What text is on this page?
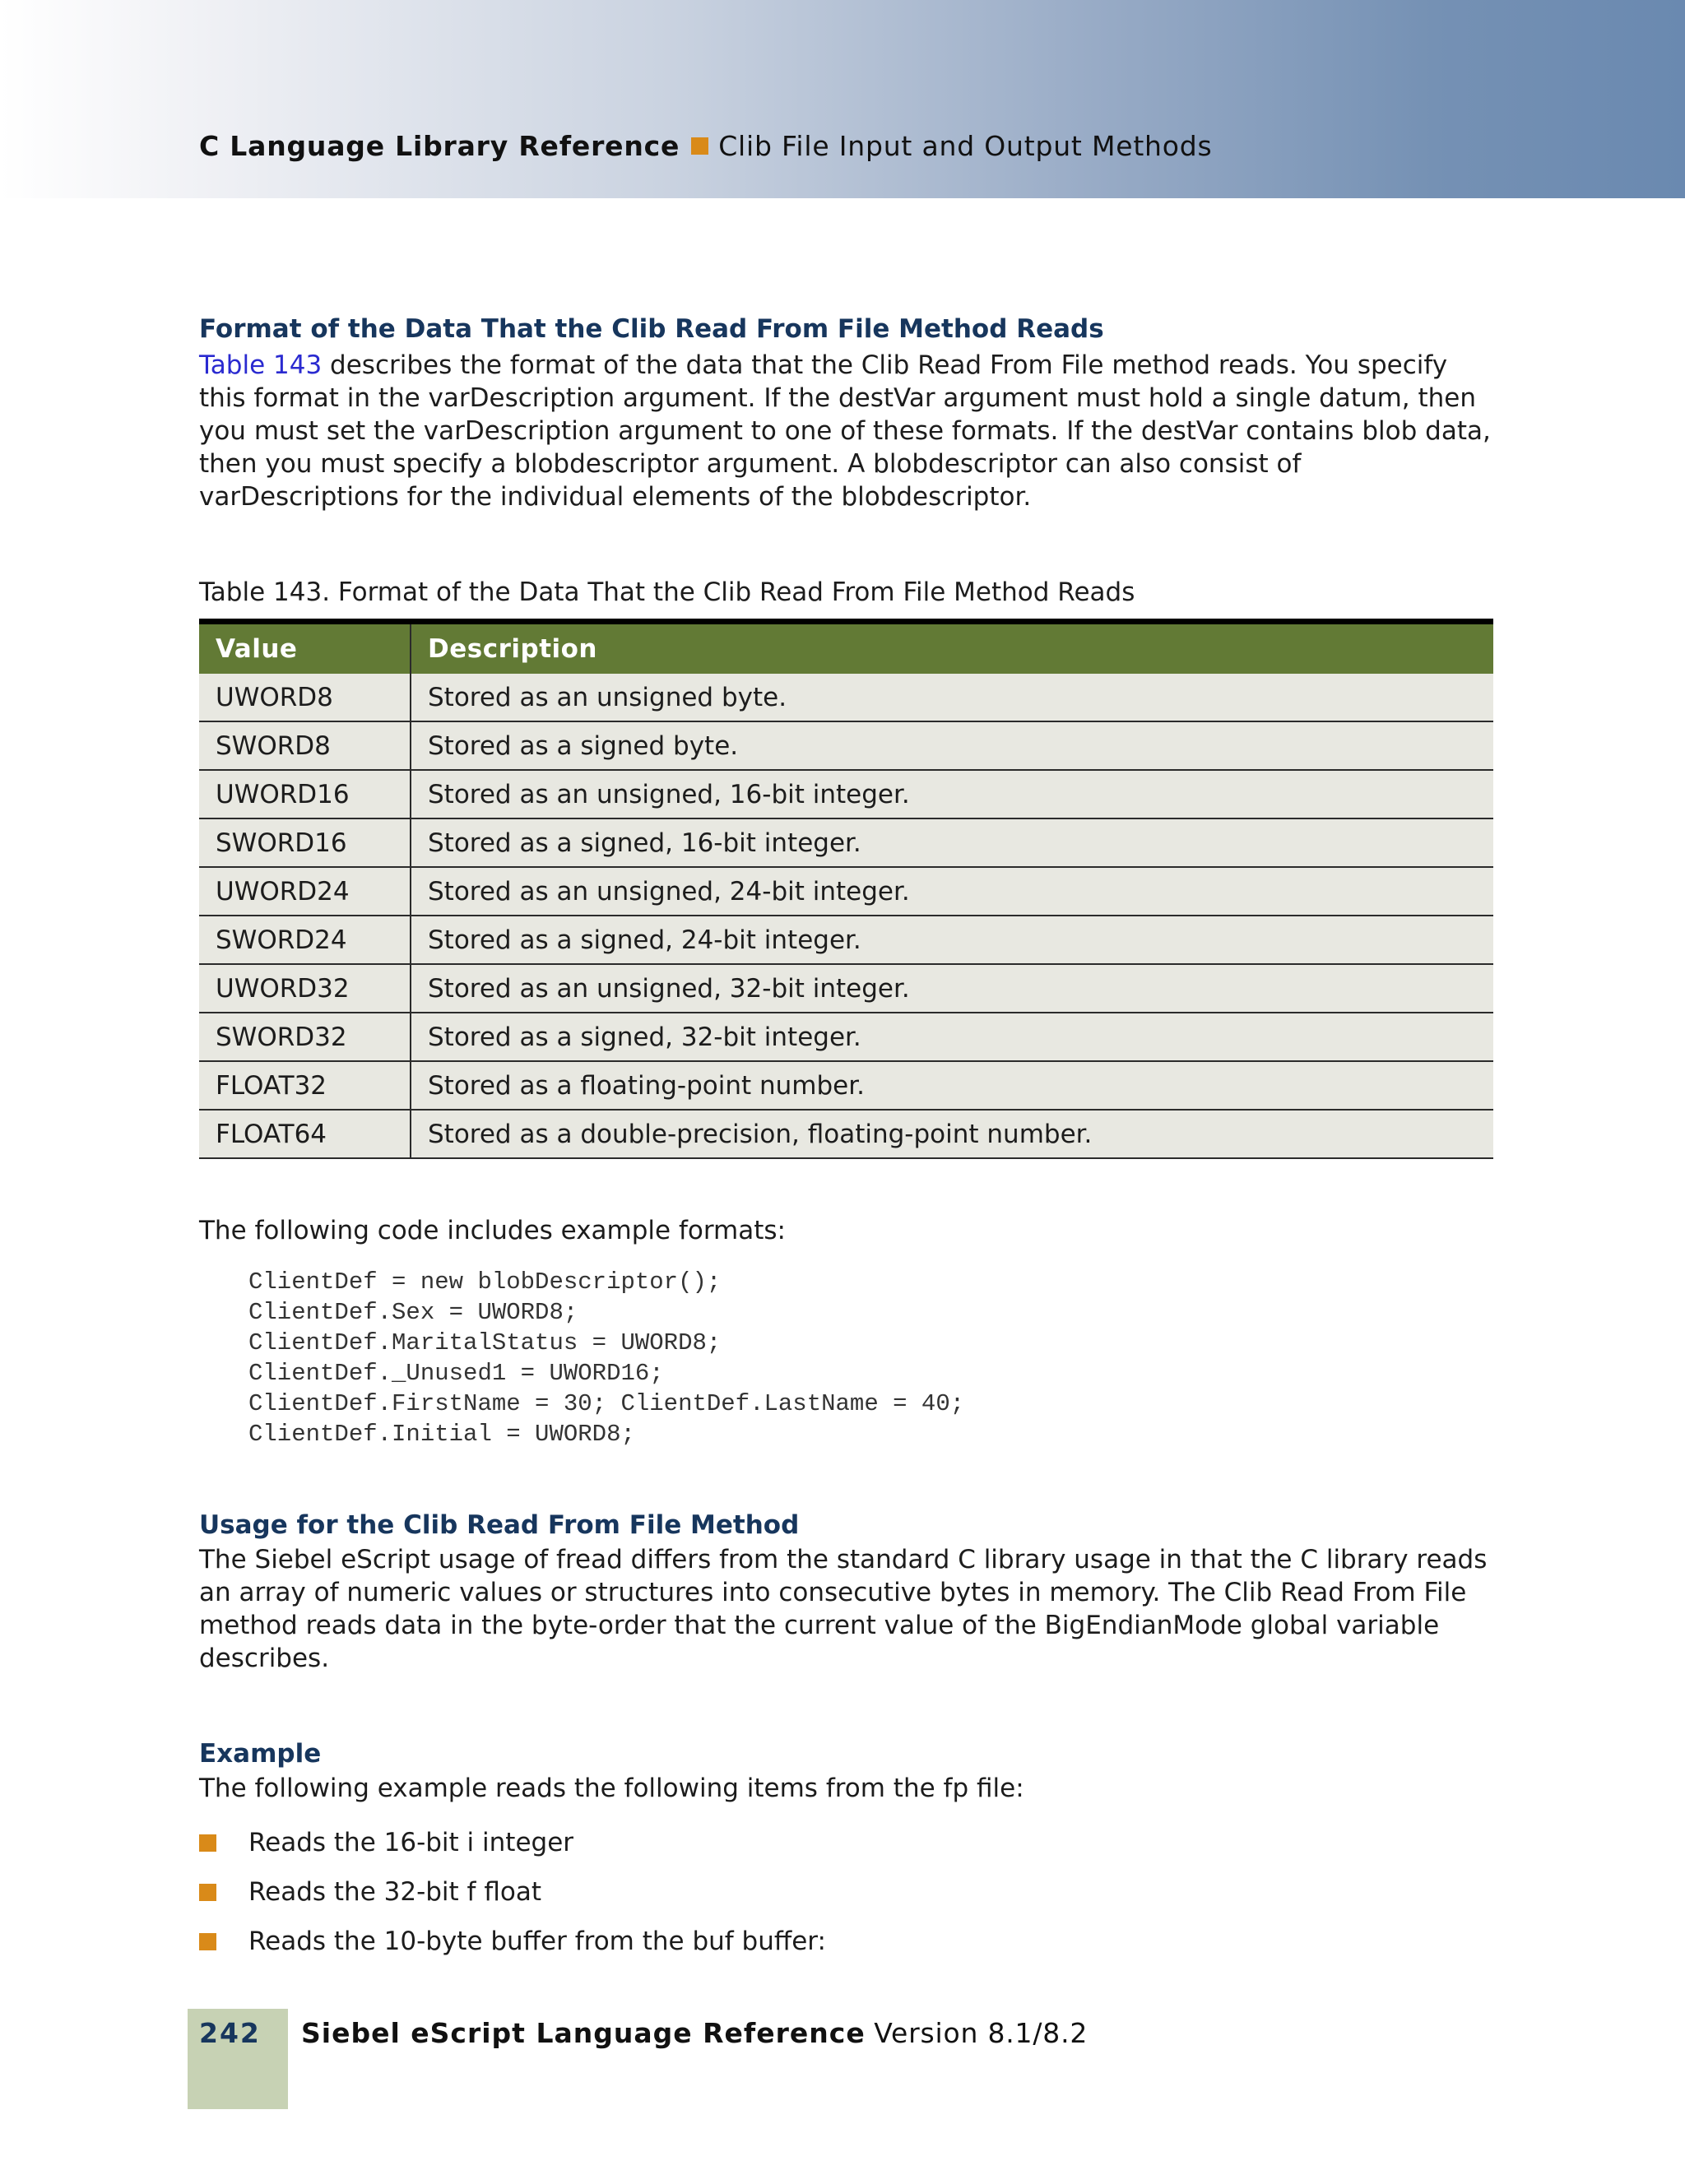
C Language Library Reference Clib File Input and Output Methods
Format of the Data That the Clib Read From File Method Reads
Table 143 describes the format of the data that the Clib Read From File method reads. You specify
this format in the varDescription argument. If the destVar argument must hold a single datum, then
you must set the varDescription argument to one of these formats. If the destVar contains blob data,
then you must specify a blobdescriptor argument. A blobdescriptor can also consist of
varDescriptions for the individual elements of the blobdescriptor.
Table 143. Format of the Data That the Clib Read From File Method Reads
Value	Description
UWORD8	Stored as an unsigned byte.
SWORD8	Stored as a signed byte.
UWORD16	Stored as an unsigned, 16-bit integer.
SWORD16	Stored as a signed, 16-bit integer.
UWORD24	Stored as an unsigned, 24-bit integer.
SWORD24	Stored as a signed, 24-bit integer.
UWORD32	Stored as an unsigned, 32-bit integer.
SWORD32	Stored as a signed, 32-bit integer.
FLOAT32	Stored as a floating-point number.
FLOAT64	Stored as a double-precision, floating-point number.
The following code includes example formats:
ClientDef = new blobDescriptor();
ClientDef.Sex = UWORD8;
ClientDef.MaritalStatus = UWORD8;
ClientDef._Unused1 = UWORD16;
ClientDef.FirstName = 30; ClientDef.LastName = 40;
ClientDef.Initial = UWORD8;
Usage for the Clib Read From File Method
The Siebel eScript usage of fread differs from the standard C library usage in that the C library reads
an array of numeric values or structures into consecutive bytes in memory. The Clib Read From File
method reads data in the byte-order that the current value of the BigEndianMode global variable
describes.
Example
The following example reads the following items from the fp file:
Reads the 16-bit i integer
Reads the 32-bit f float
Reads the 10-byte buffer from the buf buffer:
242 Siebel eScript Language Reference Version 8.1/8.2
